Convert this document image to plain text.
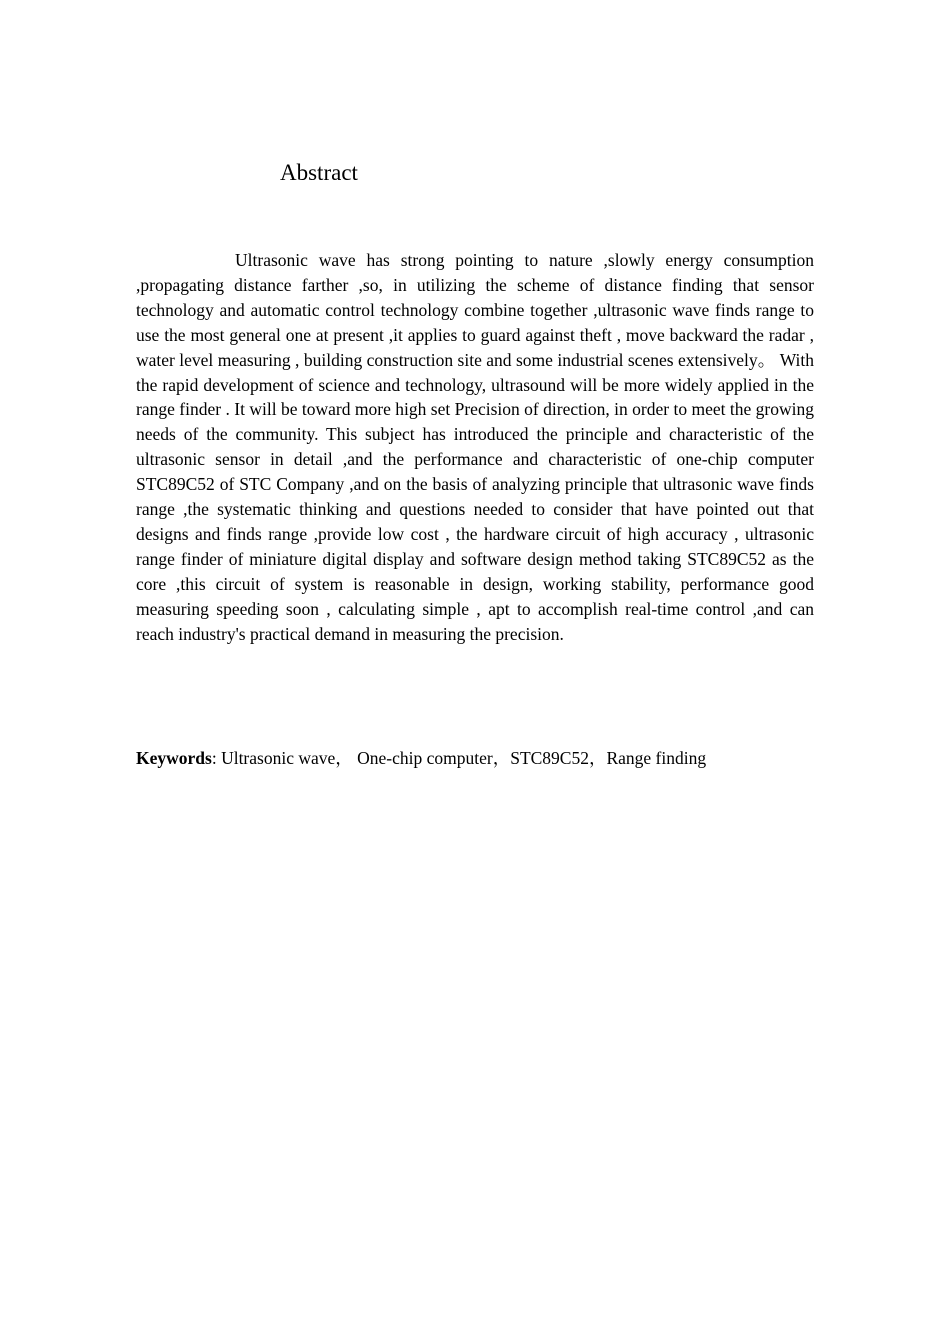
Abstract

Ultrasonic wave has strong pointing to nature ,slowly energy consumption ,propagating distance farther ,so, in utilizing the scheme of distance finding that sensor technology and automatic control technology combine together ,ultrasonic wave finds range to use the most general one at present ,it applies to guard against theft , move backward the radar , water level measuring , building construction site and some industrial scenes extensively。 With the rapid development of science and technology, ultrasound will be more widely applied in the range finder . It will be toward more high set Precision of direction, in order to meet the growing needs of the community. This subject has introduced the principle and characteristic of the ultrasonic sensor in detail ,and the performance and characteristic of one-chip computer STC89C52 of STC Company ,and on the basis of analyzing principle that ultrasonic wave finds range ,the systematic thinking and questions needed to consider that have pointed out that designs and finds range ,provide low cost , the hardware circuit of high accuracy , ultrasonic range finder of miniature digital display and software design method taking STC89C52 as the core ,this circuit of system is reasonable in design, working stability, performance good measuring speeding soon , calculating simple , apt to accomplish real-time control ,and can reach industry's practical demand in measuring the precision.

Keywords: Ultrasonic wave， One-chip computer，STC89C52，Range finding
